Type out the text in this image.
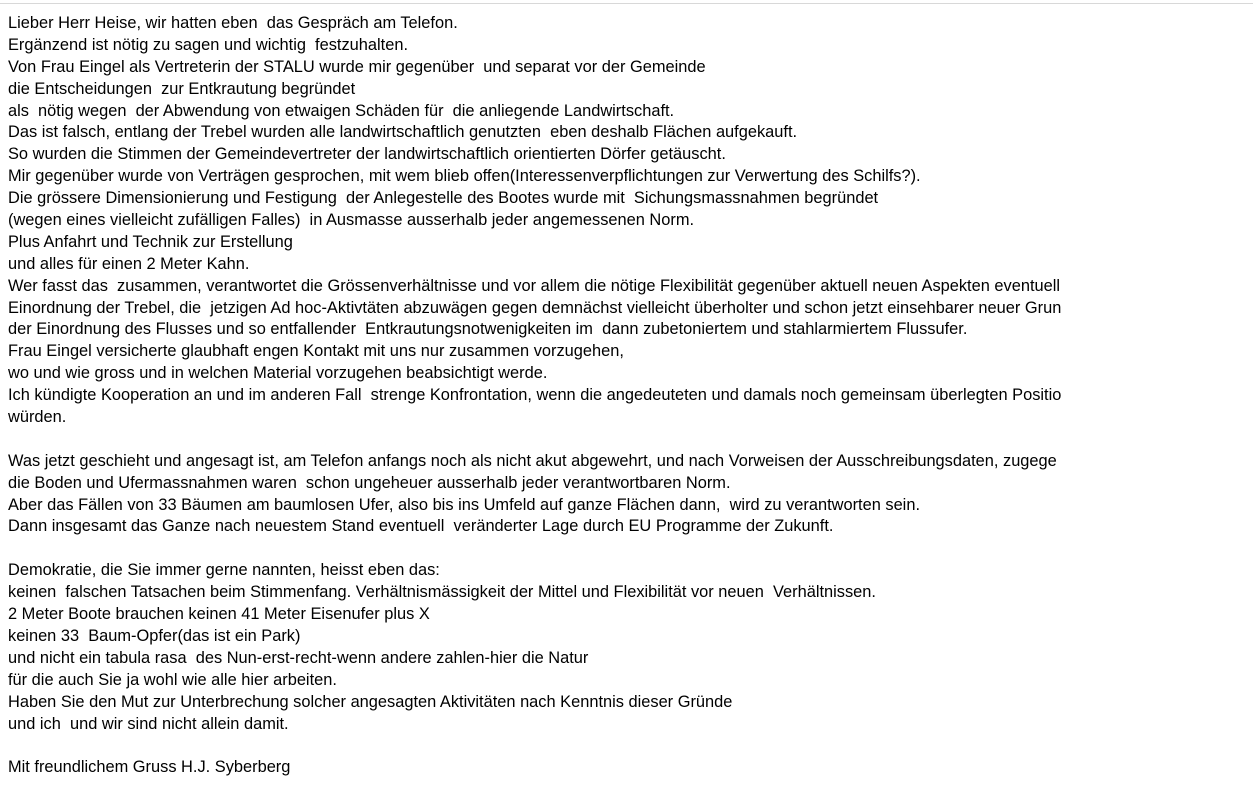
Lieber Herr Heise, wir hatten eben  das Gespräch am Telefon.
Ergänzend ist nötig zu sagen und wichtig  festzuhalten.
Von Frau Eingel als Vertreterin der STALU wurde mir gegenüber  und separat vor der Gemeinde
die Entscheidungen  zur Entkrautung begründet
als  nötig wegen  der Abwendung von etwaigen Schäden für  die anliegende Landwirtschaft.
Das ist falsch, entlang der Trebel wurden alle landwirtschaftlich genutzten  eben deshalb Flächen aufgekauft.
So wurden die Stimmen der Gemeindevertreter der landwirtschaftlich orientierten Dörfer getäuscht.
Mir gegenüber wurde von Verträgen gesprochen, mit wem blieb offen(Interessenverpflichtungen zur Verwertung des Schilfs?).
Die grössere Dimensionierung und Festigung  der Anlegestelle des Bootes wurde mit  Sichungsmassnahmen begründet
(wegen eines vielleicht zufälligen Falles)  in Ausmasse ausserhalb jeder angemessenen Norm.
Plus Anfahrt und Technik zur Erstellung
und alles für einen 2 Meter Kahn.
Wer fasst das  zusammen, verantwortet die Grössenverhältnisse und vor allem die nötige Flexibilität gegenüber aktuell neuen Aspekten eventuell
Einordnung der Trebel, die  jetzigen Ad hoc-Aktivtäten abzuwägen gegen demnächst vielleicht überholter und schon jetzt einsehbarer neuer Grun
der Einordnung des Flusses und so entfallender  Entkrautungsnotwenigkeiten im  dann zubetoniertem und stahlarmiertem Flussufer.
Frau Eingel versicherte glaubhaft engen Kontakt mit uns nur zusammen vorzugehen,
wo und wie gross und in welchen Material vorzugehen beabsichtigt werde.
Ich kündigte Kooperation an und im anderen Fall  strenge Konfrontation, wenn die angedeuteten und damals noch gemeinsam überlegten Positio
würden.
Was jetzt geschieht und angesagt ist, am Telefon anfangs noch als nicht akut abgewehrt, und nach Vorweisen der Ausschreibungsdaten, zugege
die Boden und Ufermassnahmen waren  schon ungeheuer ausserhalb jeder verantwortbaren Norm.
Aber das Fällen von 33 Bäumen am baumlosen Ufer, also bis ins Umfeld auf ganze Flächen dann,  wird zu verantworten sein.
Dann insgesamt das Ganze nach neuestem Stand eventuell  veränderter Lage durch EU Programme der Zukunft.
Demokratie, die Sie immer gerne nannten, heisst eben das:
keinen  falschen Tatsachen beim Stimmenfang. Verhältnismässigkeit der Mittel und Flexibilität vor neuen  Verhältnissen.
2 Meter Boote brauchen keinen 41 Meter Eisenufer plus X
keinen 33  Baum-Opfer(das ist ein Park)
und nicht ein tabula rasa  des Nun-erst-recht-wenn andere zahlen-hier die Natur
für die auch Sie ja wohl wie alle hier arbeiten.
Haben Sie den Mut zur Unterbrechung solcher angesagten Aktivitäten nach Kenntnis dieser Gründe
und ich  und wir sind nicht allein damit.
Mit freundlichem Gruss H.J. Syberberg
